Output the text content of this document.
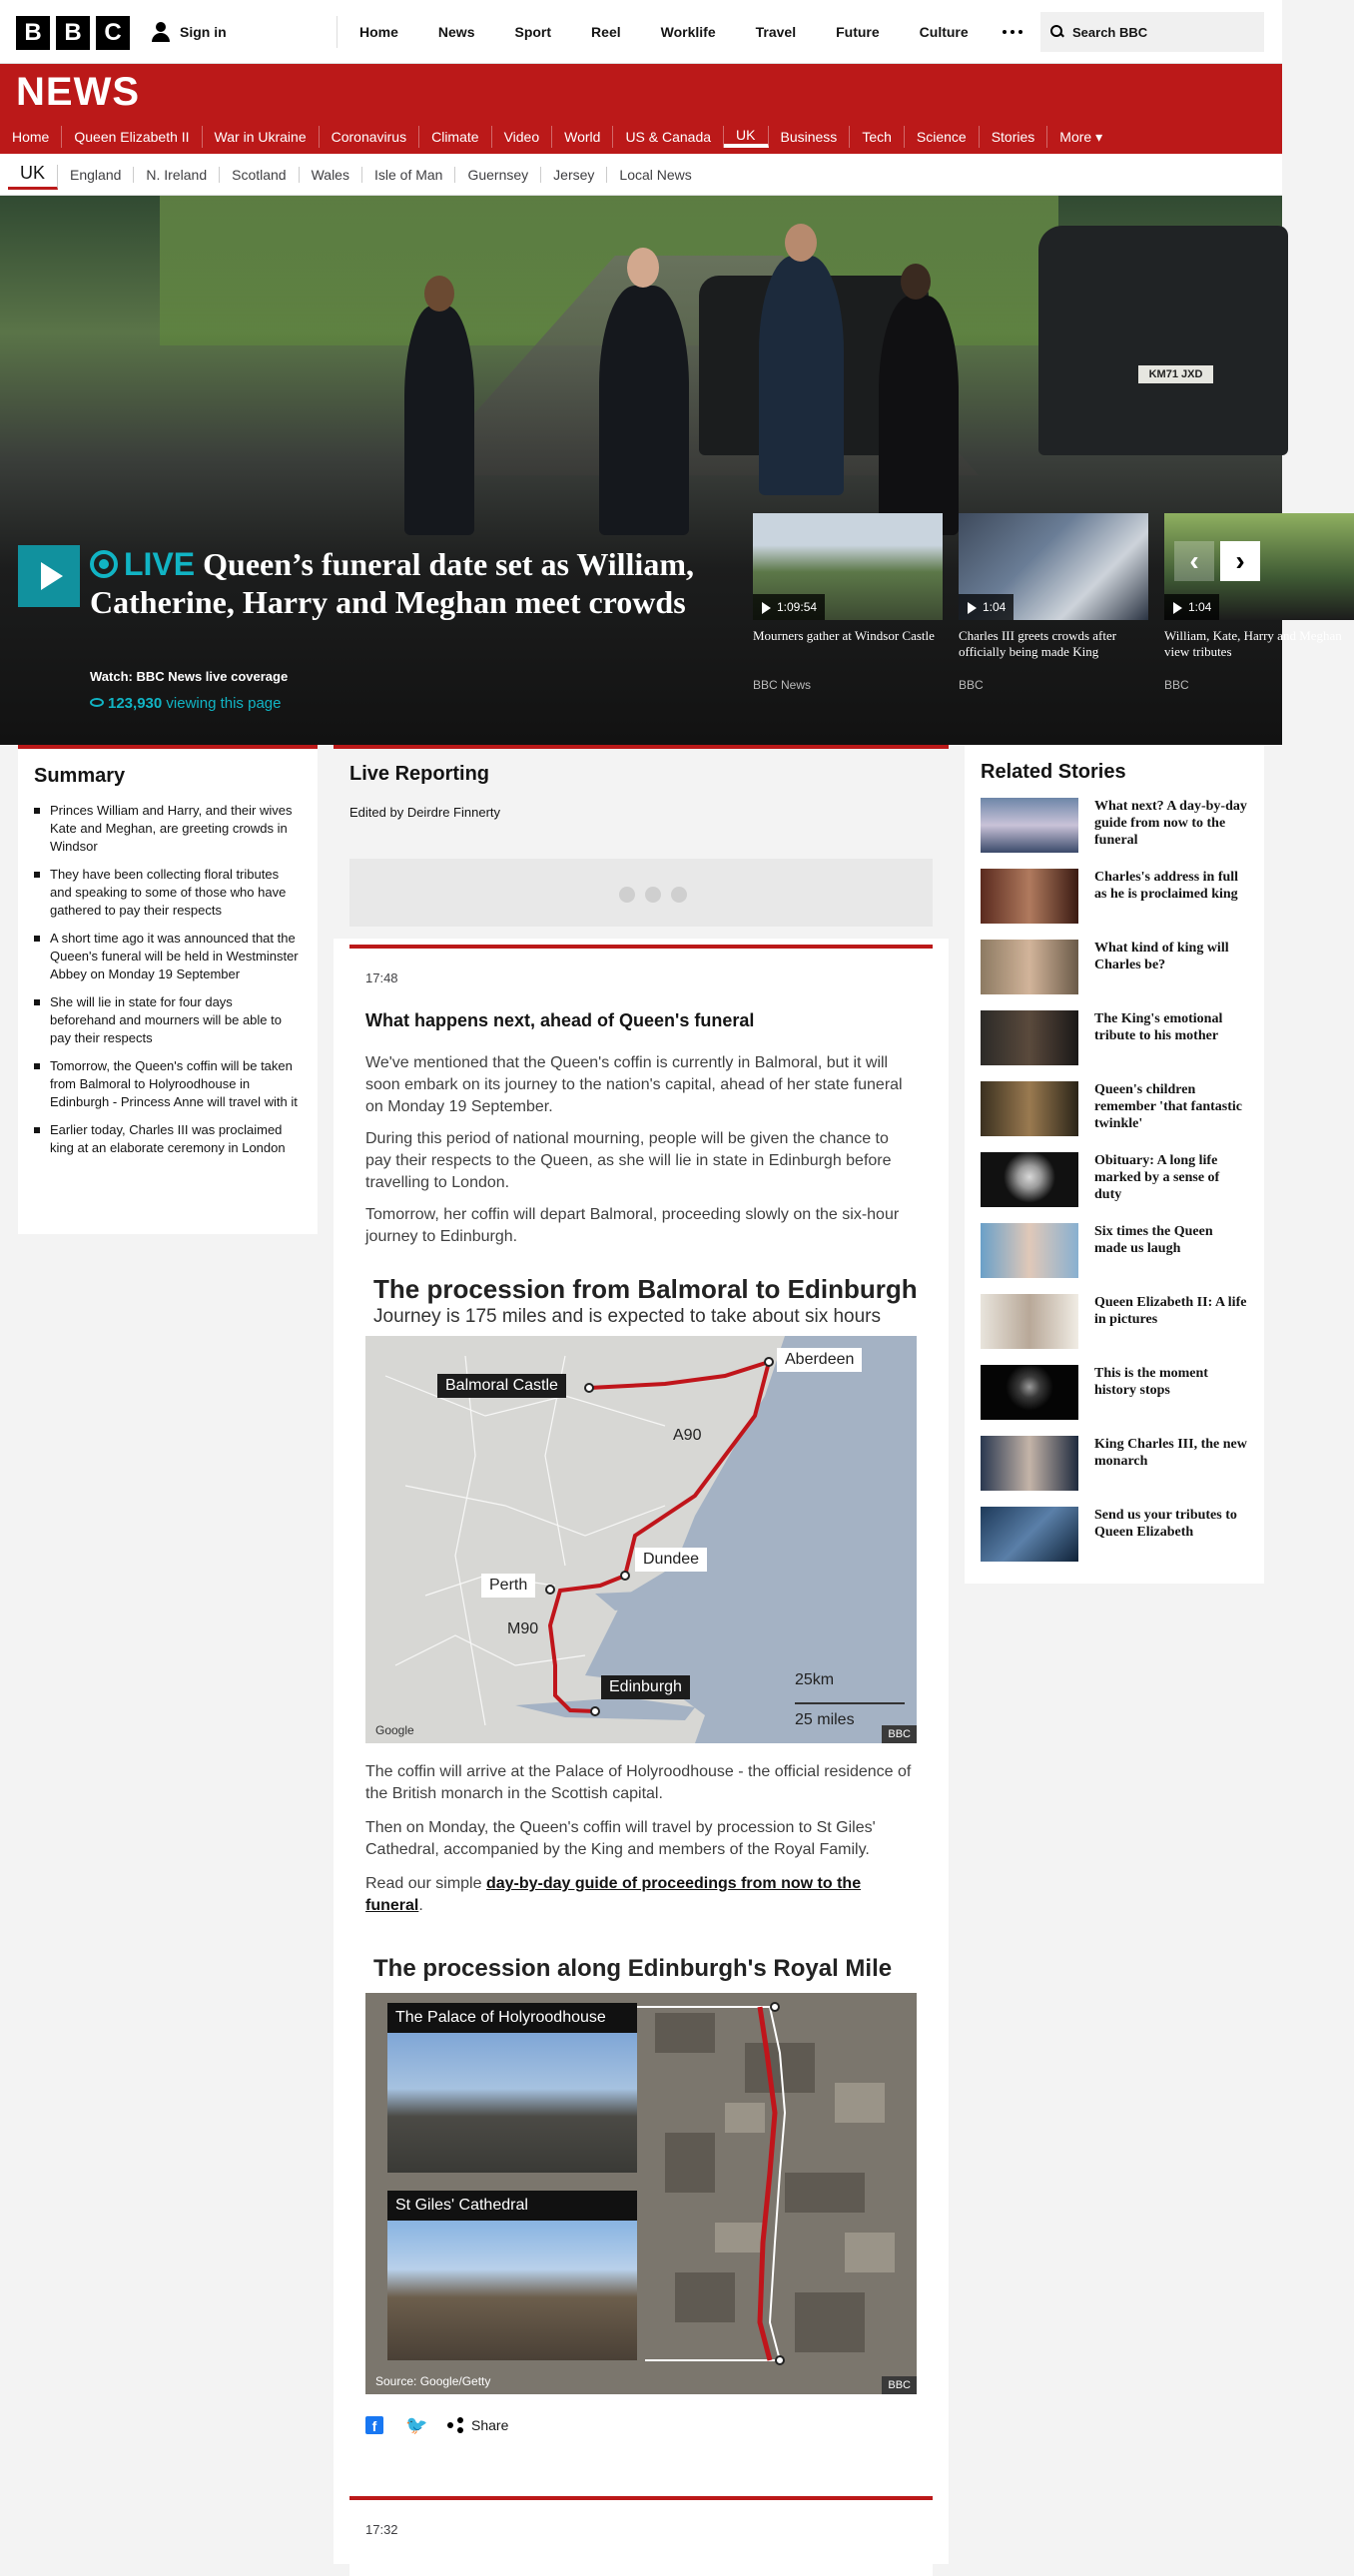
B B C	Sign in	Home	News	Sport	Reel	Worklife	Travel	Future	Culture	Search BBC
NEWS
Home	Queen Elizabeth II	War in Ukraine	Coronavirus	Climate	Video	World	US & Canada	UK	Business	Tech	Science	Stories	More ▾
UK	England	N. Ireland	Scotland	Wales	Isle of Man	Guernsey	Jersey	Local News
KM71 JXD
LIVE Queen’s funeral date set as William, Catherine, Harry and Meghan meet crowds
Watch: BBC News live coverage
123,930 viewing this page
1:09:54
Mourners gather at Windsor Castle
BBC News
1:04
Charles III greets crowds after officially being made King
BBC
1:04
William, Kate, Harry and Meghan view tributes
BBC
‹	›
Summary
Princes William and Harry, and their wives Kate and Meghan, are greeting crowds in Windsor
They have been collecting floral tributes and speaking to some of those who have gathered to pay their respects
A short time ago it was announced that the Queen's funeral will be held in Westminster Abbey on Monday 19 September
She will lie in state for four days beforehand and mourners will be able to pay their respects
Tomorrow, the Queen's coffin will be taken from Balmoral to Holyroodhouse in Edinburgh - Princess Anne will travel with it
Earlier today, Charles III was proclaimed king at an elaborate ceremony in London
Live Reporting
Edited by Deirdre Finnerty
17:48
What happens next, ahead of Queen's funeral

We've mentioned that the Queen's coffin is currently in Balmoral, but it will soon embark on its journey to the nation's capital, ahead of her state funeral on Monday 19 September.

During this period of national mourning, people will be given the chance to pay their respects to the Queen, as she will lie in state in Edinburgh before travelling to London.

Tomorrow, her coffin will depart Balmoral, proceeding slowly on the six-hour journey to Edinburgh.

The procession from Balmoral to Edinburgh
Journey is 175 miles and is expected to take about six hours
Balmoral Castle
Aberdeen
A90
Dundee
Perth
M90
Edinburgh	25km
25 miles
Google	BBC

The coffin will arrive at the Palace of Holyroodhouse - the official residence of the British monarch in the Scottish capital.

Then on Monday, the Queen's coffin will travel by procession to St Giles' Cathedral, accompanied by the King and members of the Royal Family.

Read our simple day-by-day guide of proceedings from now to the funeral.

The procession along Edinburgh's Royal Mile
The Palace of Holyroodhouse
St Giles' Cathedral
Source: Google/Getty	BBC
f	🐦	Share
17:32
Related Stories
What next? A day-by-day guide from now to the funeral
Charles's address in full as he is proclaimed king
What kind of king will Charles be?
The King's emotional tribute to his mother
Queen's children remember 'that fantastic twinkle'
Obituary: A long life marked by a sense of duty
Six times the Queen made us laugh
Queen Elizabeth II: A life in pictures
This is the moment history stops
King Charles III, the new monarch
Send us your tributes to Queen Elizabeth
